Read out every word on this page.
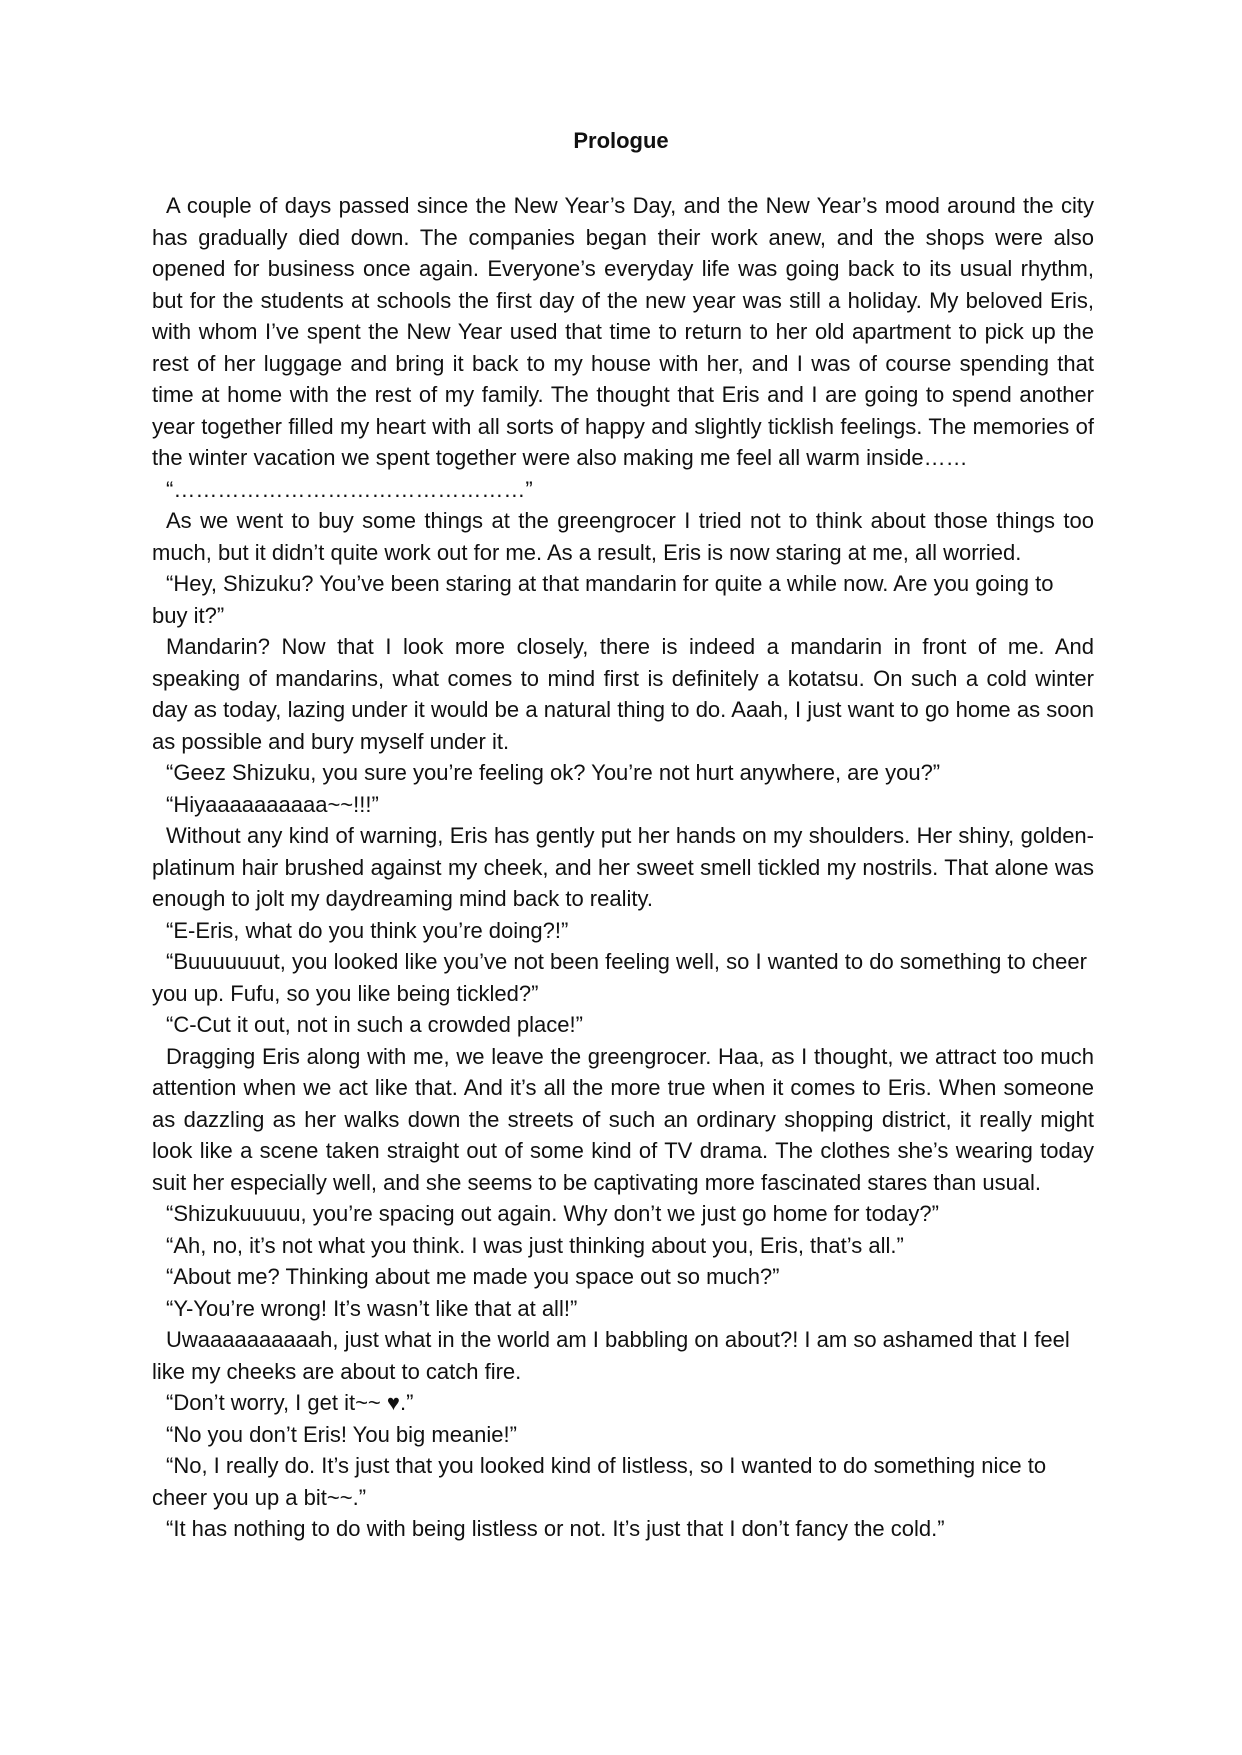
Prologue

A couple of days passed since the New Year’s Day, and the New Year’s mood around the city has gradually died down. The companies began their work anew, and the shops were also opened for business once again. Everyone’s everyday life was going back to its usual rhythm, but for the students at schools the first day of the new year was still a holiday. My beloved Eris, with whom I’ve spent the New Year used that time to return to her old apartment to pick up the rest of her luggage and bring it back to my house with her, and I was of course spending that time at home with the rest of my family. The thought that Eris and I are going to spend another year together filled my heart with all sorts of happy and slightly ticklish feelings. The memories of the winter vacation we spent together were also making me feel all warm inside……

“…………………………………………”

As we went to buy some things at the greengrocer I tried not to think about those things too much, but it didn’t quite work out for me. As a result, Eris is now staring at me, all worried.

“Hey, Shizuku? You’ve been staring at that mandarin for quite a while now. Are you going to buy it?”

Mandarin? Now that I look more closely, there is indeed a mandarin in front of me. And speaking of mandarins, what comes to mind first is definitely a kotatsu. On such a cold winter day as today, lazing under it would be a natural thing to do. Aaah, I just want to go home as soon as possible and bury myself under it.

“Geez Shizuku, you sure you’re feeling ok? You’re not hurt anywhere, are you?”

“Hiyaaaaaaaaaa~~!!!”

Without any kind of warning, Eris has gently put her hands on my shoulders. Her shiny, golden-platinum hair brushed against my cheek, and her sweet smell tickled my nostrils. That alone was enough to jolt my daydreaming mind back to reality.

“E-Eris, what do you think you’re doing?!”

“Buuuuuuut, you looked like you’ve not been feeling well, so I wanted to do something to cheer you up. Fufu, so you like being tickled?”

“C-Cut it out, not in such a crowded place!”

Dragging Eris along with me, we leave the greengrocer. Haa, as I thought, we attract too much attention when we act like that. And it’s all the more true when it comes to Eris. When someone as dazzling as her walks down the streets of such an ordinary shopping district, it really might look like a scene taken straight out of some kind of TV drama. The clothes she’s wearing today suit her especially well, and she seems to be captivating more fascinated stares than usual.

“Shizukuuuuu, you’re spacing out again. Why don’t we just go home for today?”

“Ah, no, it’s not what you think. I was just thinking about you, Eris, that’s all.”

“About me? Thinking about me made you space out so much?”

“Y-You’re wrong! It’s wasn’t like that at all!”

Uwaaaaaaaaaah, just what in the world am I babbling on about?! I am so ashamed that I feel like my cheeks are about to catch fire.

“Don’t worry, I get it~~ ♥.”

“No you don’t Eris! You big meanie!”

“No, I really do. It’s just that you looked kind of listless, so I wanted to do something nice to cheer you up a bit~~.”

“It has nothing to do with being listless or not. It’s just that I don’t fancy the cold.”
